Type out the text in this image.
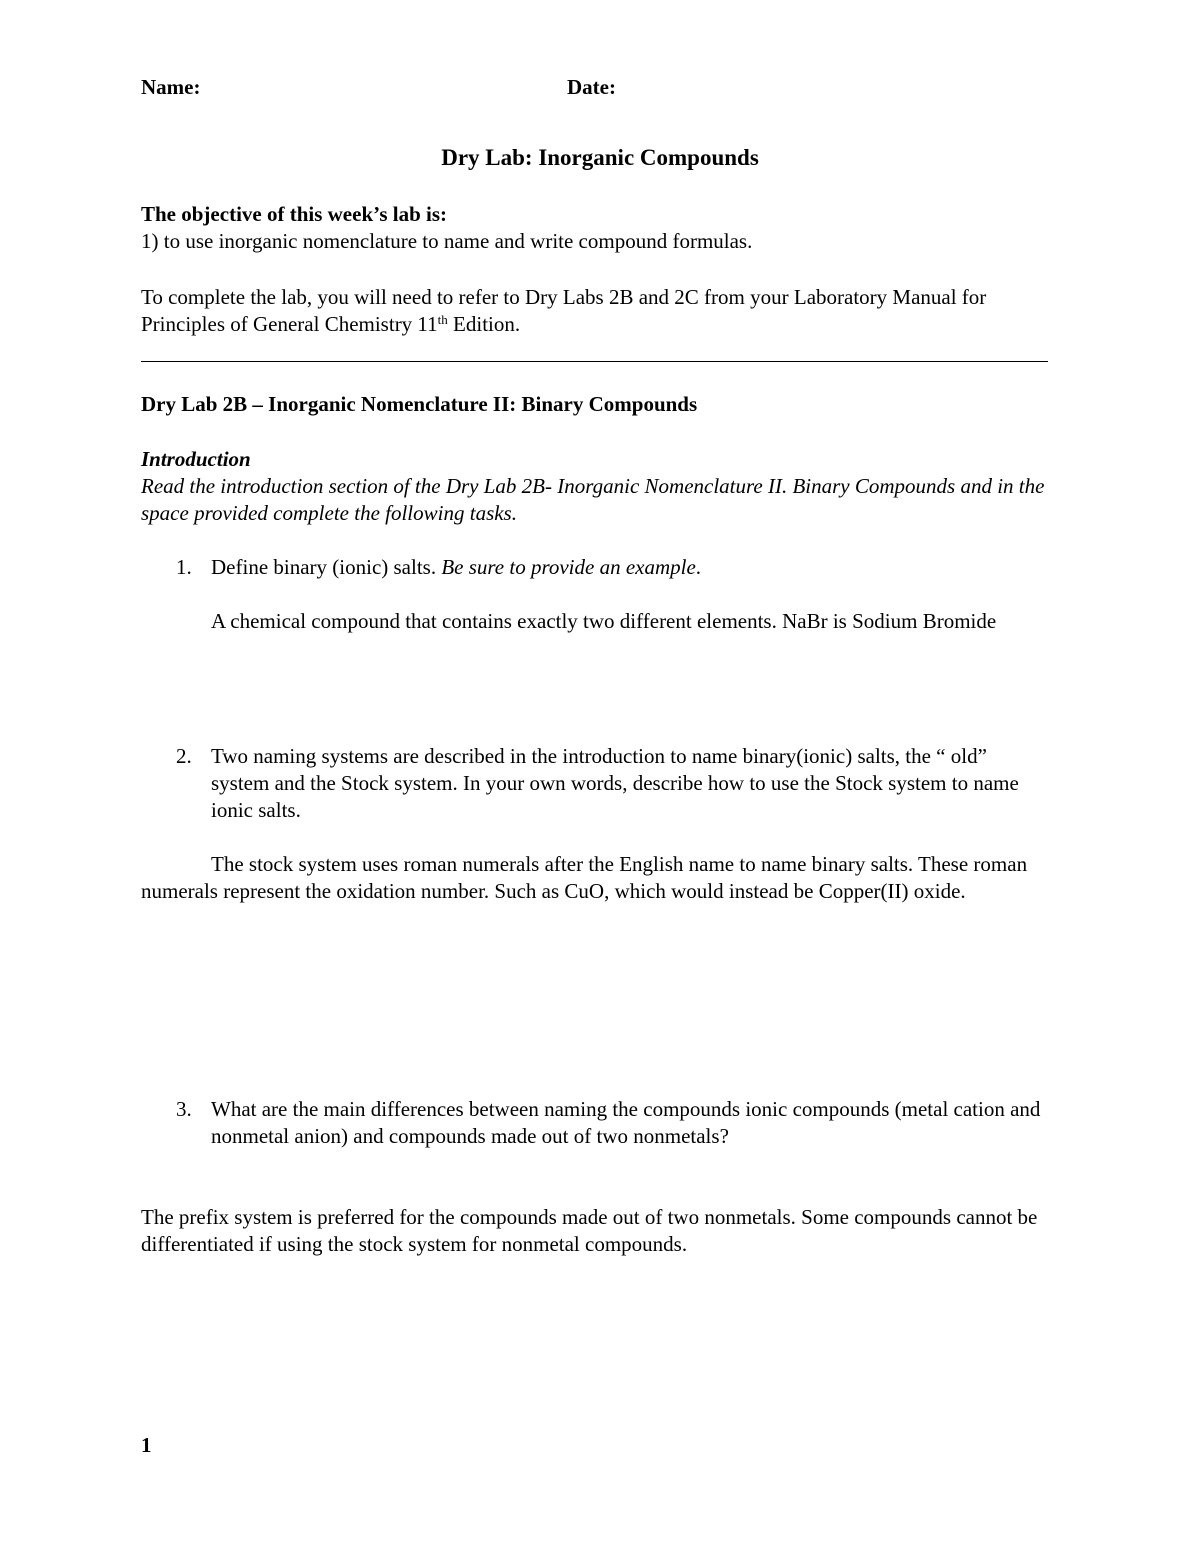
Name:	Date:
Dry Lab: Inorganic Compounds
The objective of this week’s lab is:
1) to use inorganic nomenclature to name and write compound formulas.
To complete the lab, you will need to refer to Dry Labs 2B and 2C from your Laboratory Manual for Principles of General Chemistry 11th Edition.
Dry Lab 2B – Inorganic Nomenclature II: Binary Compounds
Introduction
Read the introduction section of the Dry Lab 2B- Inorganic Nomenclature II. Binary Compounds and in the space provided complete the following tasks.
1. Define binary (ionic) salts. Be sure to provide an example.
A chemical compound that contains exactly two different elements. NaBr is Sodium Bromide
2. Two naming systems are described in the introduction to name binary(ionic) salts, the “ old” system and the Stock system. In your own words, describe how to use the Stock system to name ionic salts.
The stock system uses roman numerals after the English name to name binary salts. These roman numerals represent the oxidation number. Such as CuO, which would instead be Copper(II) oxide.
3. What are the main differences between naming the compounds ionic compounds (metal cation and nonmetal anion) and compounds made out of two nonmetals?
The prefix system is preferred for the compounds made out of two nonmetals. Some compounds cannot be differentiated if using the stock system for nonmetal compounds.
1
